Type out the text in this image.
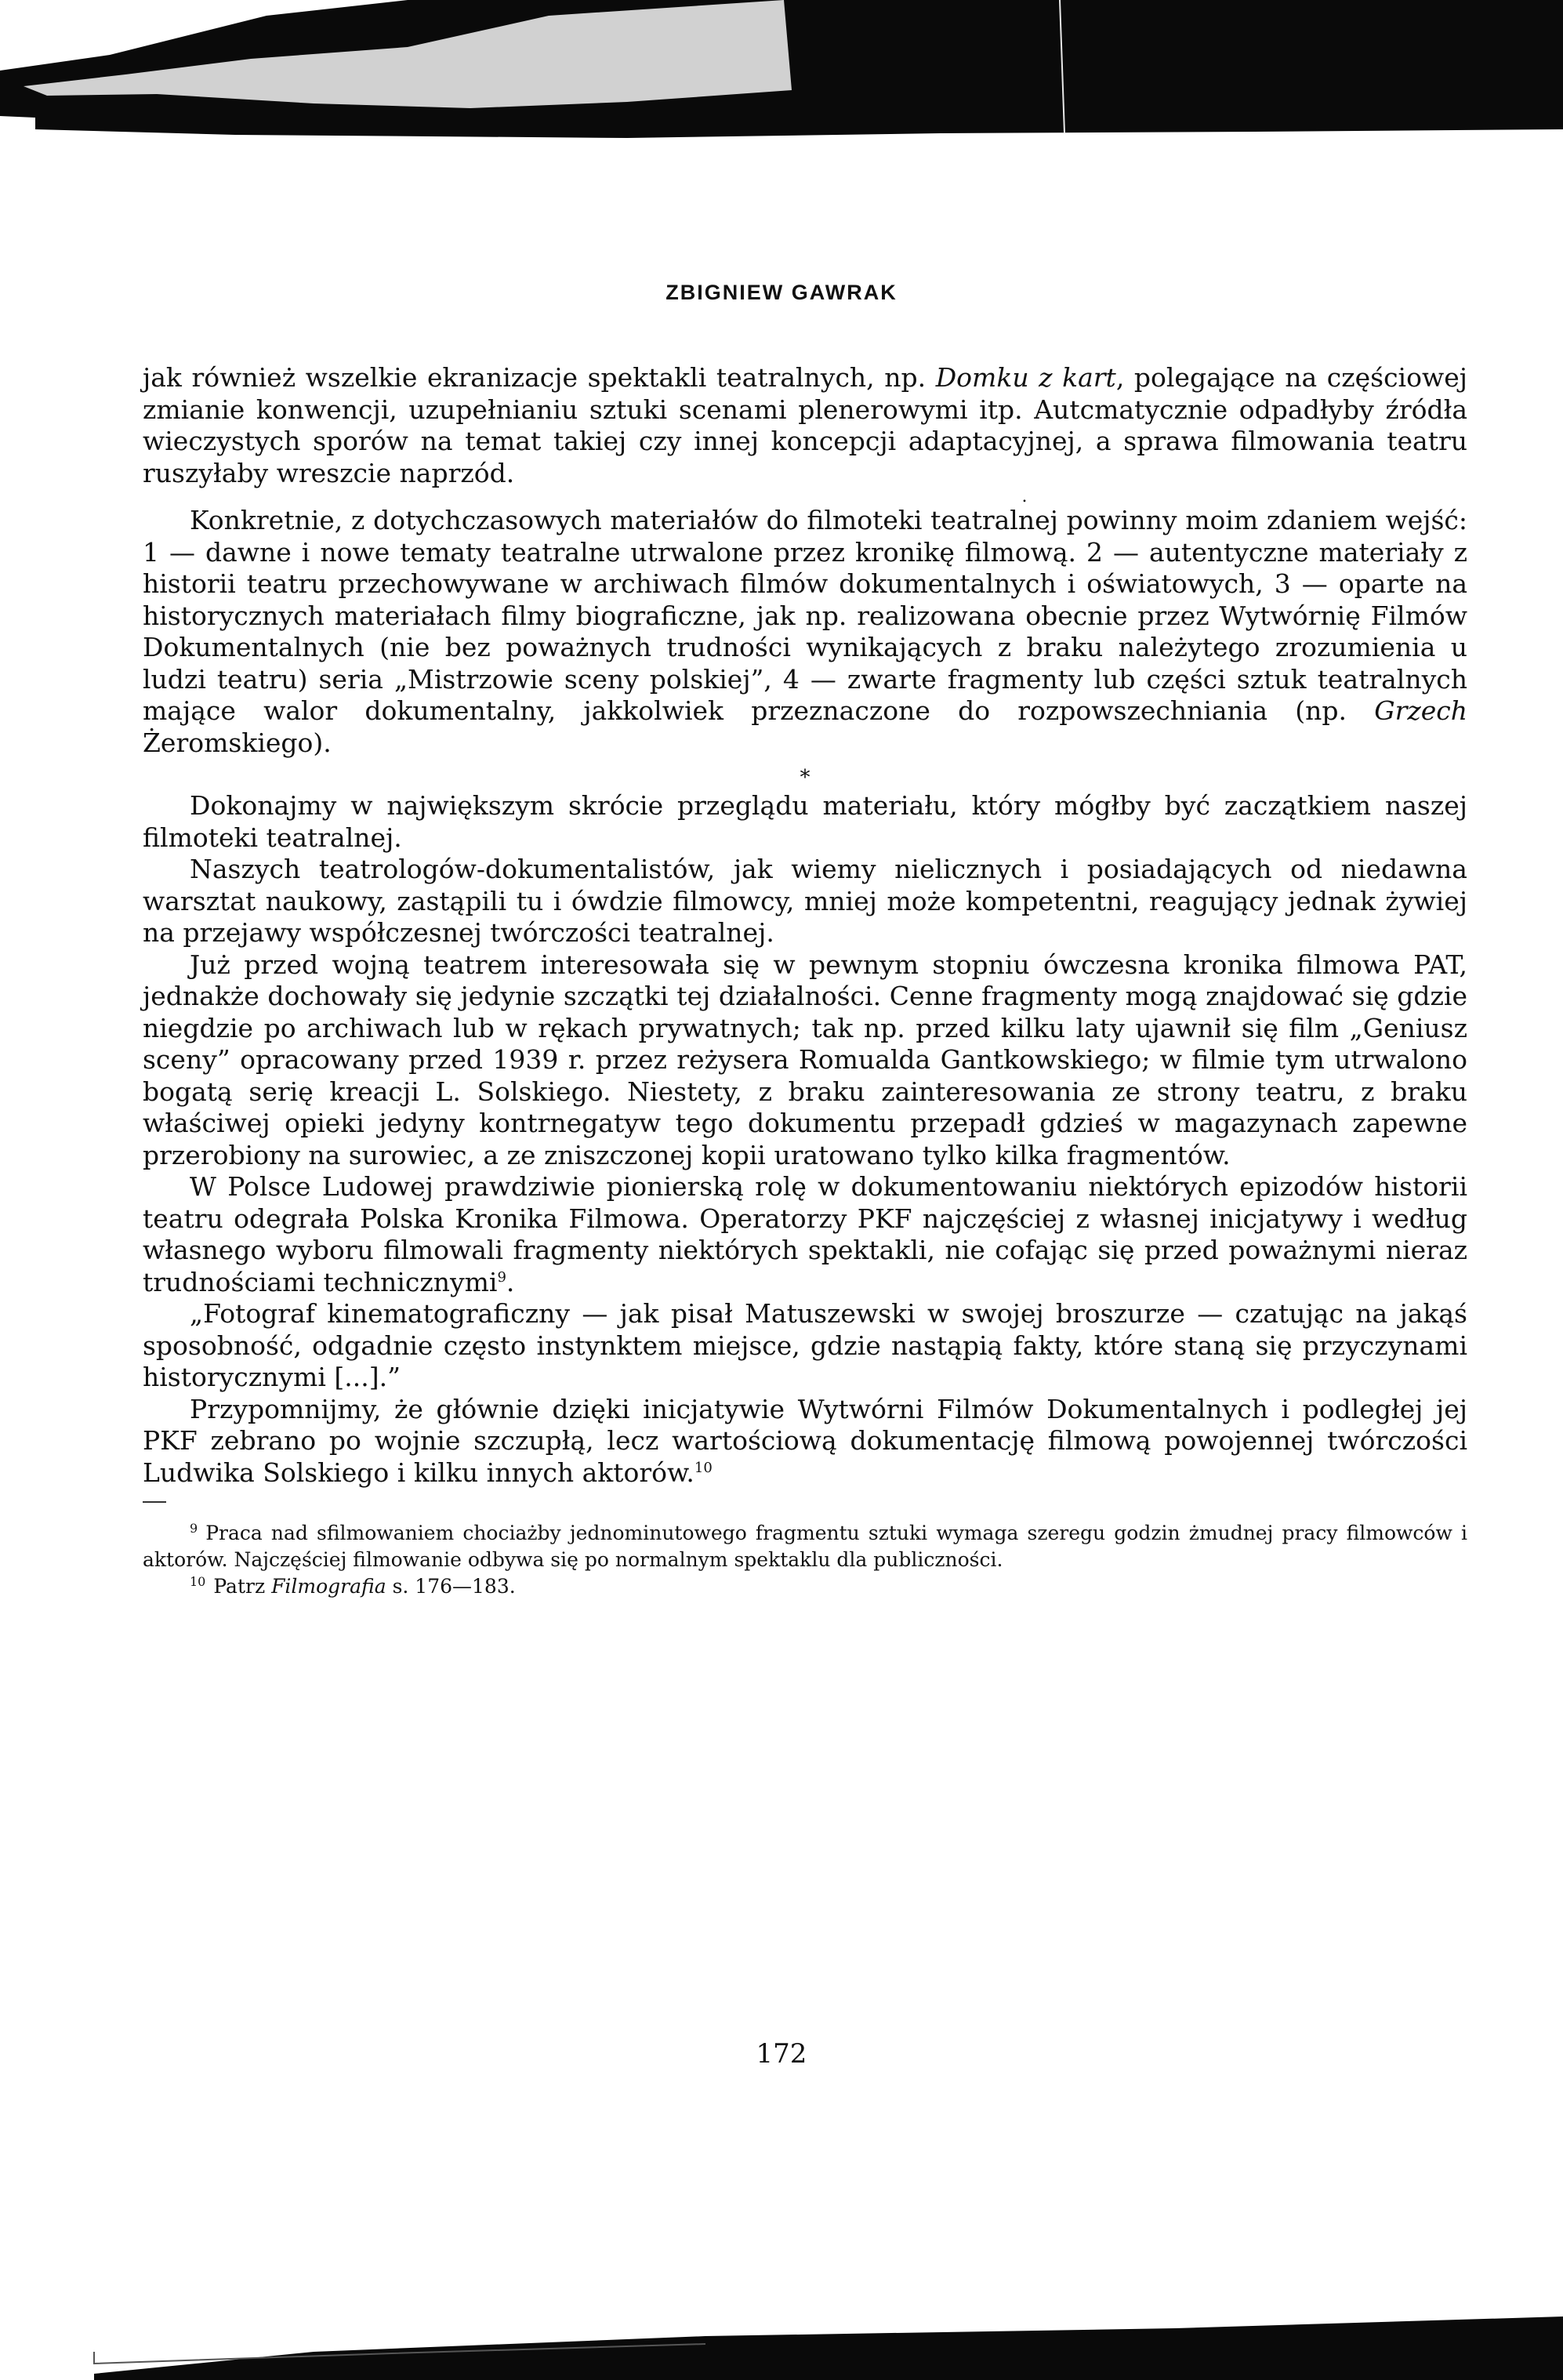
ZBIGNIEW GAWRAK

jak również wszelkie ekranizacje spektakli teatralnych, np. Domku z kart, polegające na częściowej zmianie konwencji, uzupełnianiu sztuki scenami plenerowymi itp. Autcmatycznie odpadłyby źródła wieczystych sporów na temat takiej czy innej koncepcji adaptacyjnej, a sprawa filmowania teatru ruszyłaby wreszcie naprzód.

.

Konkretnie, z dotychczasowych materiałów do filmoteki teatralnej powinny moim zdaniem wejść: 1 — dawne i nowe tematy teatralne utrwalone przez kronikę filmową. 2 — autentyczne materiały z historii teatru przechowywane w archiwach filmów dokumentalnych i oświatowych, 3 — oparte na historycznych materiałach filmy biograficzne, jak np. realizowana obecnie przez Wytwórnię Filmów Dokumentalnych (nie bez poważnych trudności wynikających z braku należytego zrozumienia u ludzi teatru) seria „Mistrzowie sceny polskiej”, 4 — zwarte fragmenty lub części sztuk teatralnych mające walor dokumentalny, jakkolwiek przeznaczone do rozpowszechniania (np. Grzech Żeromskiego).

*

Dokonajmy w największym skrócie przeglądu materiału, który mógłby być zaczątkiem naszej filmoteki teatralnej.

Naszych teatrologów-dokumentalistów, jak wiemy nielicznych i posiadających od niedawna warsztat naukowy, zastąpili tu i ówdzie filmowcy, mniej może kompetentni, reagujący jednak żywiej na przejawy współczesnej twórczości teatralnej.

Już przed wojną teatrem interesowała się w pewnym stopniu ówczesna kronika filmowa PAT, jednakże dochowały się jedynie szczątki tej działalności. Cenne fragmenty mogą znajdować się gdzie niegdzie po archiwach lub w rękach prywatnych; tak np. przed kilku laty ujawnił się film „Geniusz sceny” opracowany przed 1939 r. przez reżysera Romualda Gantkowskiego; w filmie tym utrwalono bogatą serię kreacji L. Solskiego. Niestety, z braku zainteresowania ze strony teatru, z braku właściwej opieki jedyny kontrnegatyw tego dokumentu przepadł gdzieś w magazynach zapewne przerobiony na surowiec, a ze zniszczonej kopii uratowano tylko kilka fragmentów.

W Polsce Ludowej prawdziwie pionierską rolę w dokumentowaniu niektórych epizodów historii teatru odegrała Polska Kronika Filmowa. Operatorzy PKF najczęściej z własnej inicjatywy i według własnego wyboru filmowali fragmenty niektórych spektakli, nie cofając się przed poważnymi nieraz trudnościami technicznymi$^9$.

„Fotograf kinematograficzny — jak pisał Matuszewski w swojej broszurze — czatując na jakąś sposobność, odgadnie często instynktem miejsce, gdzie nastąpią fakty, które staną się przyczynami historycznymi [...].”

Przypomnijmy, że głównie dzięki inicjatywie Wytwórni Filmów Dokumentalnych i podległej jej PKF zebrano po wojnie szczupłą, lecz wartościową dokumentację filmową powojennej twórczości Ludwika Solskiego i kilku innych aktorów.$^{10}$

$^9$ Praca nad sfilmowaniem chociażby jednominutowego fragmentu sztuki wymaga szeregu godzin żmudnej pracy filmowców i aktorów. Najczęściej filmowanie odbywa się po normalnym spektaklu dla publiczności.

$^{10}$ Patrz Filmografia s. 176—183.

172
